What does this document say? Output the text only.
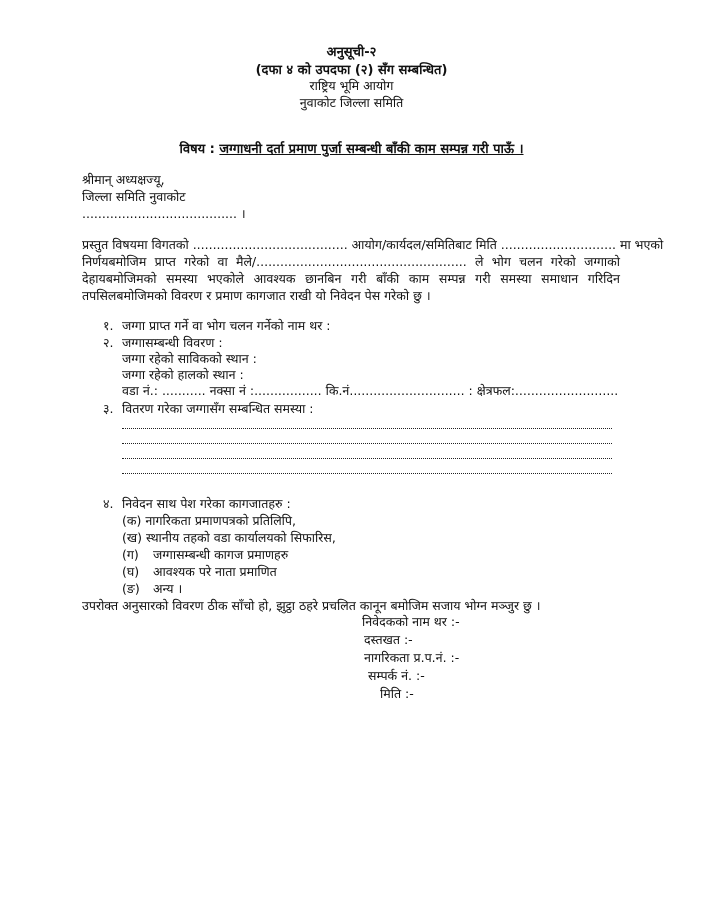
अनुसूची-२
(दफा ४ को उपदफा (२) सँग सम्बन्धित)
राष्ट्रिय भूमि आयोग
नुवाकोट जिल्ला समिति
विषय : जग्गाधनी दर्ता प्रमाण पुर्जा सम्बन्धी बाँकी काम सम्पन्न गरी पाऊँ ।
श्रीमान् अध्यक्षज्यू,
जिल्ला समिति नुवाकोट
....................................... ।
प्रस्तुत विषयमा विगतको ....................................... आयोग/कार्यदल/समितिबाट मिति ............................. मा भएको
निर्णयबमोजिम प्राप्त गरेको वा मैले/..................................................... ले भोग चलन गरेको जग्गाको
देहायबमोजिमको समस्या भएकोले आवश्यक छानबिन गरी बाँकी काम सम्पन्न गरी समस्या समाधान गरिदिन
तपसिलबमोजिमको विवरण र प्रमाण कागजात राखी यो निवेदन पेस गरेको छु ।
१. जग्गा प्राप्त गर्ने वा भोग चलन गर्नेको नाम थर :
२. जग्गासम्बन्धी विवरण :
जग्गा रहेको साविकको स्थान :
जग्गा रहेको हालको स्थान :
वडा नं.: ........... नक्सा नं :................. कि.नं............................. : क्षेत्रफल:..........................
३. वितरण गरेका जग्गासँग सम्बन्धित समस्या :
४. निवेदन साथ पेश गरेका कागजातहरु :
(क) नागरिकता प्रमाणपत्रको प्रतिलिपि,
(ख) स्थानीय तहको वडा कार्यालयको सिफारिस,
(ग) जग्गासम्बन्धी कागज प्रमाणहरु
(घ) आवश्यक परे नाता प्रमाणित
(ङ) अन्य ।
उपरोक्त अनुसारको विवरण ठीक साँचो हो, झुट्ठा ठहरे प्रचलित कानून बमोजिम सजाय भोग्न मञ्जुर छु ।
निवेदकको नाम थर :-
दस्तखत :-
नागरिकता प्र.प.नं. :-
सम्पर्क नं. :-
मिति :-
